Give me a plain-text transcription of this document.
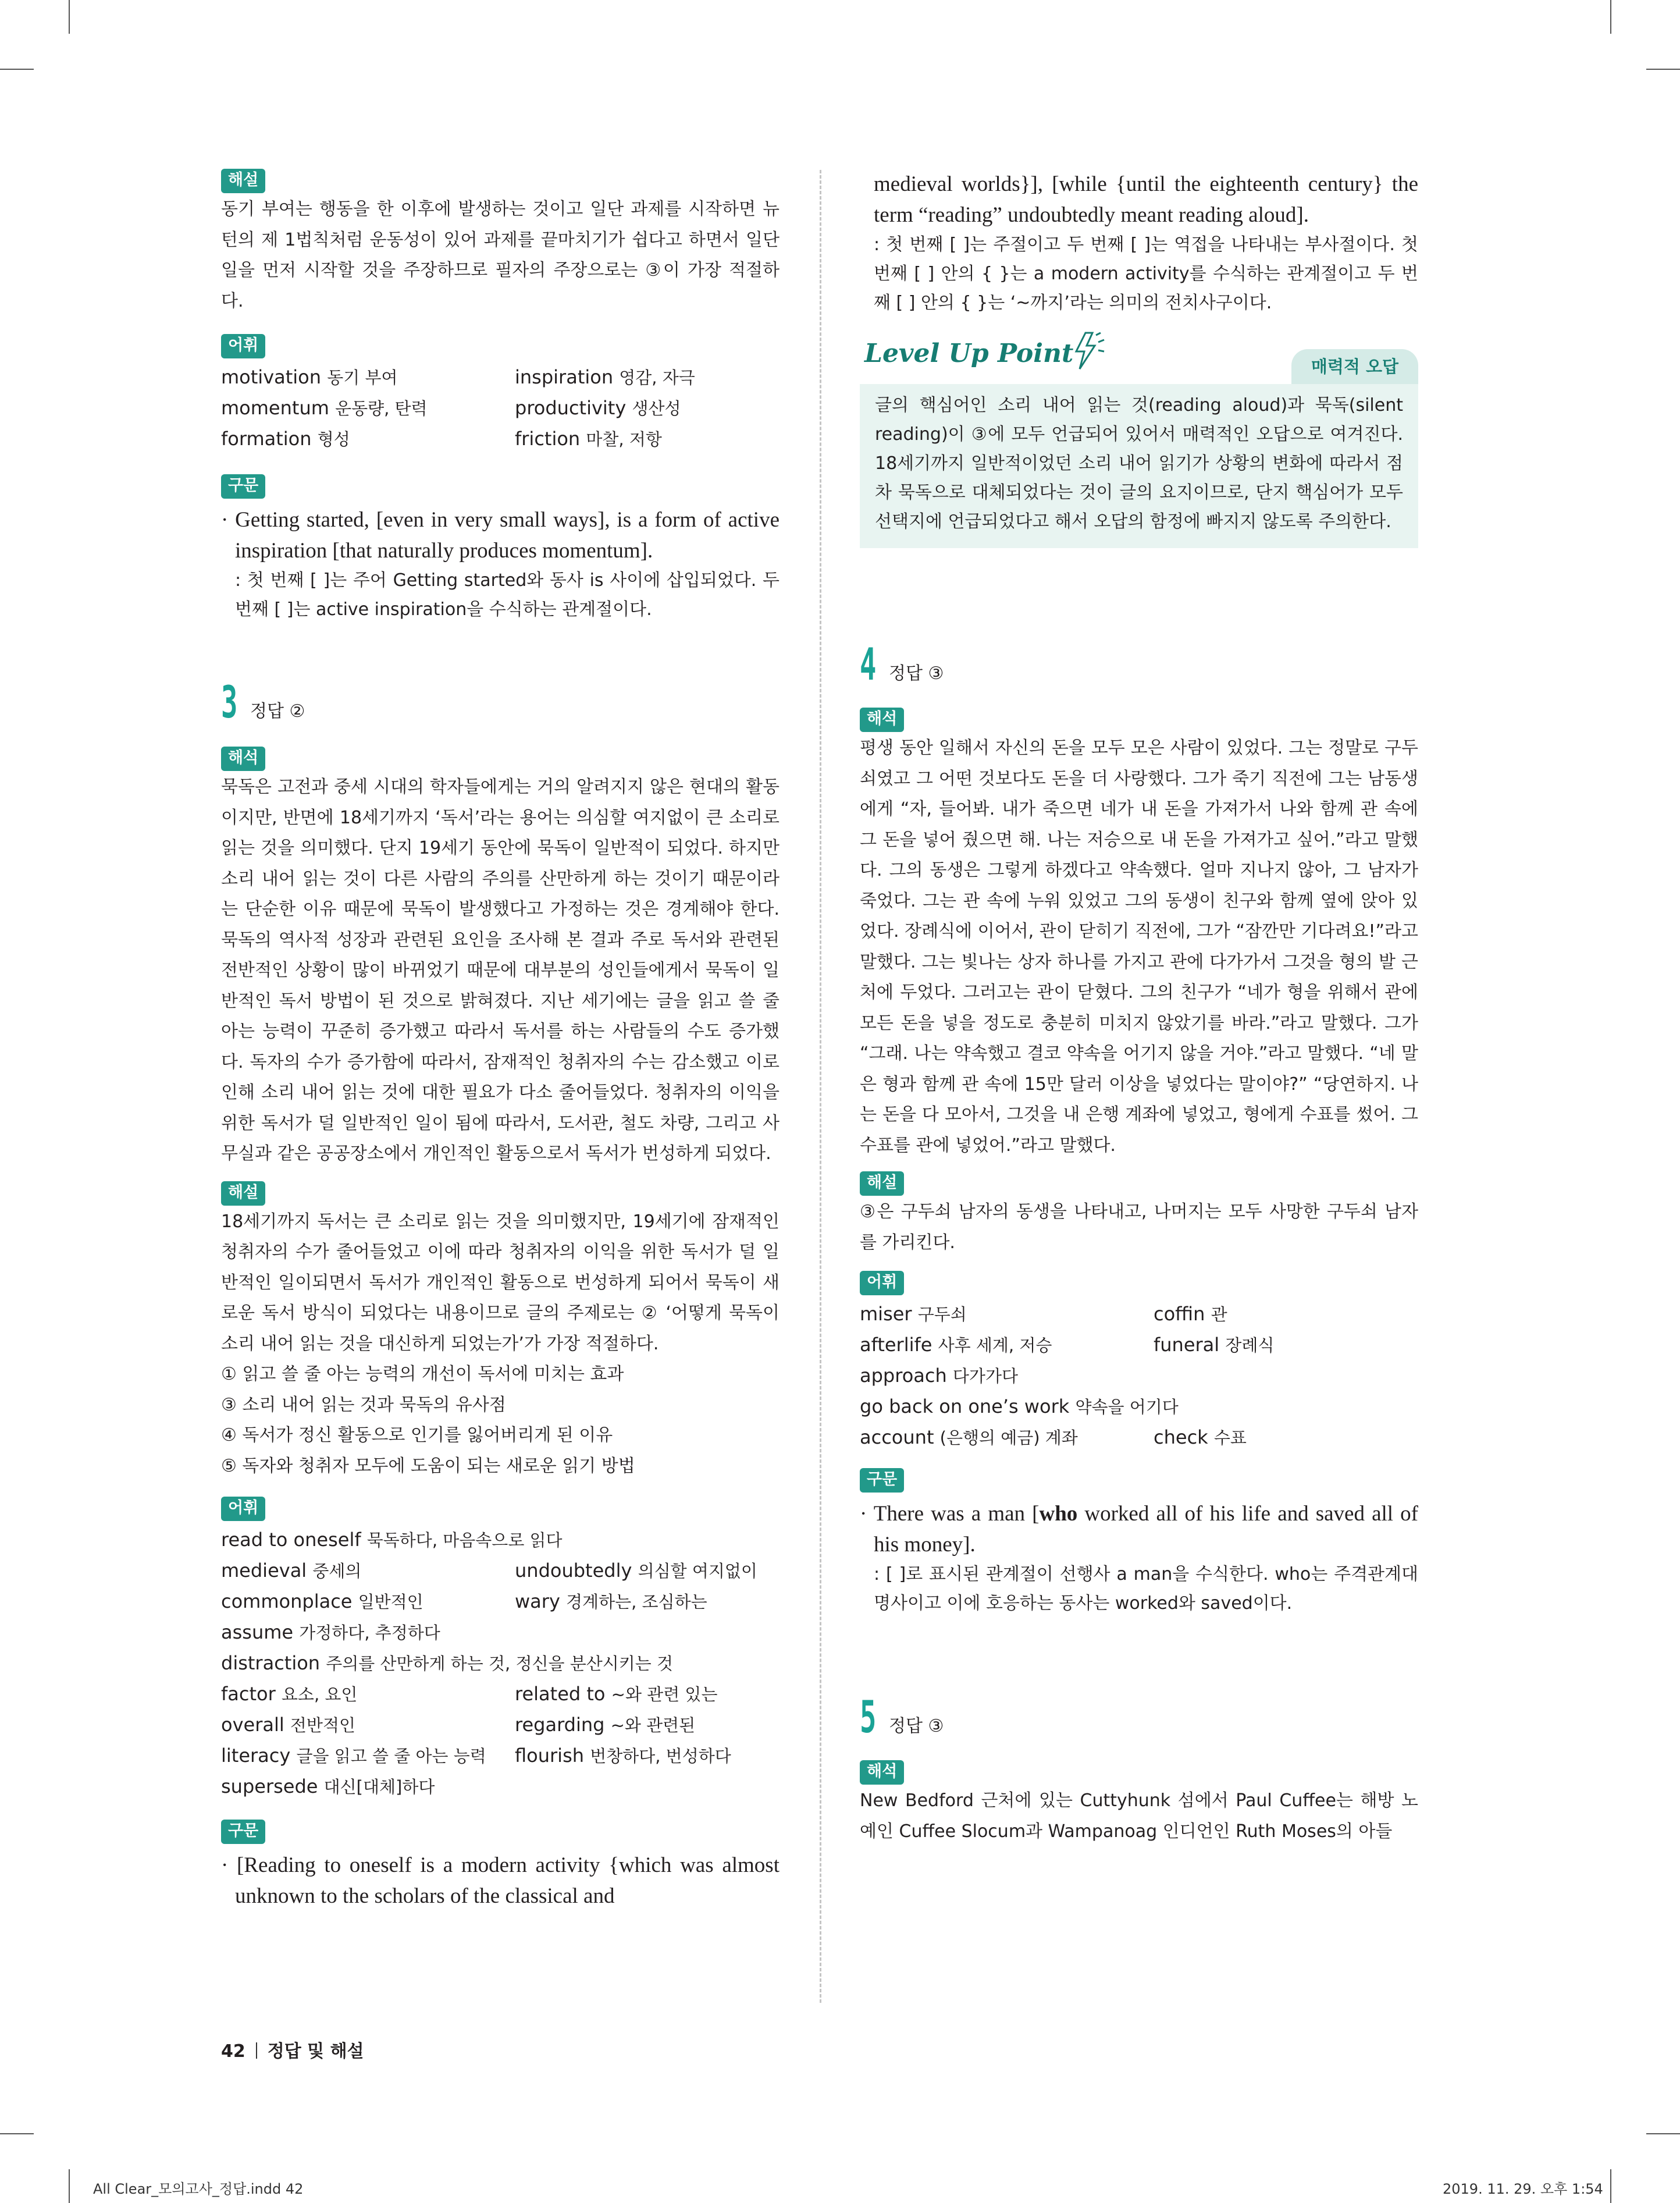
해설

동기 부여는 행동을 한 이후에 발생하는 것이고 일단 과제를 시작하면 뉴턴의 제 1법칙처럼 운동성이 있어 과제를 끝마치기가 쉽다고 하면서 일단 일을 먼저 시작할 것을 주장하므로 필자의 주장으로는 ③이 가장 적절하다.

어휘
motivation 동기 부여	inspiration 영감, 자극
momentum 운동량, 탄력	productivity 생산성
formation 형성	friction 마찰, 저항
구문

· Getting started, [even in very small ways], is a form of active inspiration [that naturally produces momentum].

: 첫 번째 [ ]는 주어 Getting started와 동사 is 사이에 삽입되었다. 두 번째 [ ]는 active inspiration을 수식하는 관계절이다.

3 정답 ②
해석

묵독은 고전과 중세 시대의 학자들에게는 거의 알려지지 않은 현대의 활동이지만, 반면에 18세기까지 ‘독서’라는 용어는 의심할 여지없이 큰 소리로 읽는 것을 의미했다. 단지 19세기 동안에 묵독이 일반적이 되었다. 하지만 소리 내어 읽는 것이 다른 사람의 주의를 산만하게 하는 것이기 때문이라는 단순한 이유 때문에 묵독이 발생했다고 가정하는 것은 경계해야 한다. 묵독의 역사적 성장과 관련된 요인을 조사해 본 결과 주로 독서와 관련된 전반적인 상황이 많이 바뀌었기 때문에 대부분의 성인들에게서 묵독이 일반적인 독서 방법이 된 것으로 밝혀졌다. 지난 세기에는 글을 읽고 쓸 줄 아는 능력이 꾸준히 증가했고 따라서 독서를 하는 사람들의 수도 증가했다. 독자의 수가 증가함에 따라서, 잠재적인 청취자의 수는 감소했고 이로 인해 소리 내어 읽는 것에 대한 필요가 다소 줄어들었다. 청취자의 이익을 위한 독서가 덜 일반적인 일이 됨에 따라서, 도서관, 철도 차량, 그리고 사무실과 같은 공공장소에서 개인적인 활동으로서 독서가 번성하게 되었다.

해설

18세기까지 독서는 큰 소리로 읽는 것을 의미했지만, 19세기에 잠재적인 청취자의 수가 줄어들었고 이에 따라 청취자의 이익을 위한 독서가 덜 일반적인 일이되면서 독서가 개인적인 활동으로 번성하게 되어서 묵독이 새로운 독서 방식이 되었다는 내용이므로 글의 주제로는 ② ‘어떻게 묵독이 소리 내어 읽는 것을 대신하게 되었는가’가 가장 적절하다.

① 읽고 쓸 줄 아는 능력의 개선이 독서에 미치는 효과

③ 소리 내어 읽는 것과 묵독의 유사점

④ 독서가 정신 활동으로 인기를 잃어버리게 된 이유

⑤ 독자와 청취자 모두에 도움이 되는 새로운 읽기 방법

어휘
read to oneself 묵독하다, 마음속으로 읽다
medieval 중세의	undoubtedly 의심할 여지없이
commonplace 일반적인	wary 경계하는, 조심하는
assume 가정하다, 추정하다
distraction 주의를 산만하게 하는 것, 정신을 분산시키는 것
factor 요소, 요인	related to ~와 관련 있는
overall 전반적인	regarding ~와 관련된
literacy 글을 읽고 쓸 줄 아는 능력	flourish 번창하다, 번성하다
supersede 대신[대체]하다
구문

· [Reading to oneself is a modern activity {which was almost unknown to the scholars of the classical and

medieval worlds}], [while {until the eighteenth century} the term “reading” undoubtedly meant reading aloud].

: 첫 번째 [ ]는 주절이고 두 번째 [ ]는 역접을 나타내는 부사절이다. 첫 번째 [ ] 안의 { }는 a modern activity를 수식하는 관계절이고 두 번째 [ ] 안의 { }는 ‘~까지’라는 의미의 전치사구이다.

Level Up Point	매력적 오답

글의 핵심어인 소리 내어 읽는 것(reading aloud)과 묵독(silent reading)이 ③에 모두 언급되어 있어서 매력적인 오답으로 여겨진다. 18세기까지 일반적이었던 소리 내어 읽기가 상황의 변화에 따라서 점차 묵독으로 대체되었다는 것이 글의 요지이므로, 단지 핵심어가 모두 선택지에 언급되었다고 해서 오답의 함정에 빠지지 않도록 주의한다.

4 정답 ③
해석

평생 동안 일해서 자신의 돈을 모두 모은 사람이 있었다. 그는 정말로 구두쇠였고 그 어떤 것보다도 돈을 더 사랑했다. 그가 죽기 직전에 그는 남동생에게 “자, 들어봐. 내가 죽으면 네가 내 돈을 가져가서 나와 함께 관 속에 그 돈을 넣어 줬으면 해. 나는 저승으로 내 돈을 가져가고 싶어.”라고 말했다. 그의 동생은 그렇게 하겠다고 약속했다. 얼마 지나지 않아, 그 남자가 죽었다. 그는 관 속에 누워 있었고 그의 동생이 친구와 함께 옆에 앉아 있었다. 장례식에 이어서, 관이 닫히기 직전에, 그가 “잠깐만 기다려요!”라고 말했다. 그는 빛나는 상자 하나를 가지고 관에 다가가서 그것을 형의 발 근처에 두었다. 그러고는 관이 닫혔다. 그의 친구가 “네가 형을 위해서 관에 모든 돈을 넣을 정도로 충분히 미치지 않았기를 바라.”라고 말했다. 그가 “그래. 나는 약속했고 결코 약속을 어기지 않을 거야.”라고 말했다. “네 말은 형과 함께 관 속에 15만 달러 이상을 넣었다는 말이야?” “당연하지. 나는 돈을 다 모아서, 그것을 내 은행 계좌에 넣었고, 형에게 수표를 썼어. 그 수표를 관에 넣었어.”라고 말했다.

해설

③은 구두쇠 남자의 동생을 나타내고, 나머지는 모두 사망한 구두쇠 남자를 가리킨다.

어휘
miser 구두쇠	coffin 관
afterlife 사후 세계, 저승	funeral 장례식
approach 다가가다
go back on one’s work 약속을 어기다
account (은행의 예금) 계좌	check 수표
구문

· There was a man [who worked all of his life and saved all of his money].

: [ ]로 표시된 관계절이 선행사 a man을 수식한다. who는 주격관계대명사이고 이에 호응하는 동사는 worked와 saved이다.

5 정답 ③
해석

New Bedford 근처에 있는 Cuttyhunk 섬에서 Paul Cuffee는 해방 노예인 Cuffee Slocum과 Wampanoag 인디언인 Ruth Moses의 아들

42 정답 및 해설
All Clear_모의고사_정답.indd 42	2019. 11. 29. 오후 1:54
